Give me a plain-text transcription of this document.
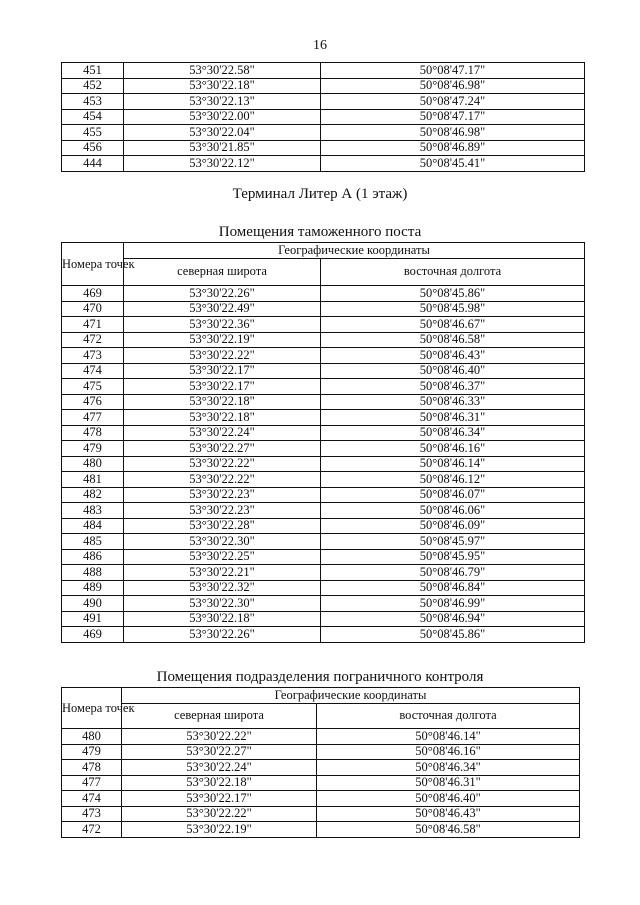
16
451	53°30'22.58"	50°08'47.17"
452	53°30'22.18"	50°08'46.98"
453	53°30'22.13"	50°08'47.24"
454	53°30'22.00"	50°08'47.17"
455	53°30'22.04"	50°08'46.98"
456	53°30'21.85"	50°08'46.89"
444	53°30'22.12"	50°08'45.41"
Терминал Литер А (1 этаж)
Помещения таможенного поста
Номера точек	Географические координаты	
	северная широта	восточная долгота
469	53°30'22.26"	50°08'45.86"
470	53°30'22.49"	50°08'45.98"
471	53°30'22.36"	50°08'46.67"
472	53°30'22.19"	50°08'46.58"
473	53°30'22.22"	50°08'46.43"
474	53°30'22.17"	50°08'46.40"
475	53°30'22.17"	50°08'46.37"
476	53°30'22.18"	50°08'46.33"
477	53°30'22.18"	50°08'46.31"
478	53°30'22.24"	50°08'46.34"
479	53°30'22.27"	50°08'46.16"
480	53°30'22.22"	50°08'46.14"
481	53°30'22.22"	50°08'46.12"
482	53°30'22.23"	50°08'46.07"
483	53°30'22.23"	50°08'46.06"
484	53°30'22.28"	50°08'46.09"
485	53°30'22.30"	50°08'45.97"
486	53°30'22.25"	50°08'45.95"
488	53°30'22.21"	50°08'46.79"
489	53°30'22.32"	50°08'46.84"
490	53°30'22.30"	50°08'46.99"
491	53°30'22.18"	50°08'46.94"
469	53°30'22.26"	50°08'45.86"
Помещения подразделения пограничного контроля
Номера точек	Географические координаты	
	северная широта	восточная долгота
480	53°30'22.22"	50°08'46.14"
479	53°30'22.27"	50°08'46.16"
478	53°30'22.24"	50°08'46.34"
477	53°30'22.18"	50°08'46.31"
474	53°30'22.17"	50°08'46.40"
473	53°30'22.22"	50°08'46.43"
472	53°30'22.19"	50°08'46.58"
